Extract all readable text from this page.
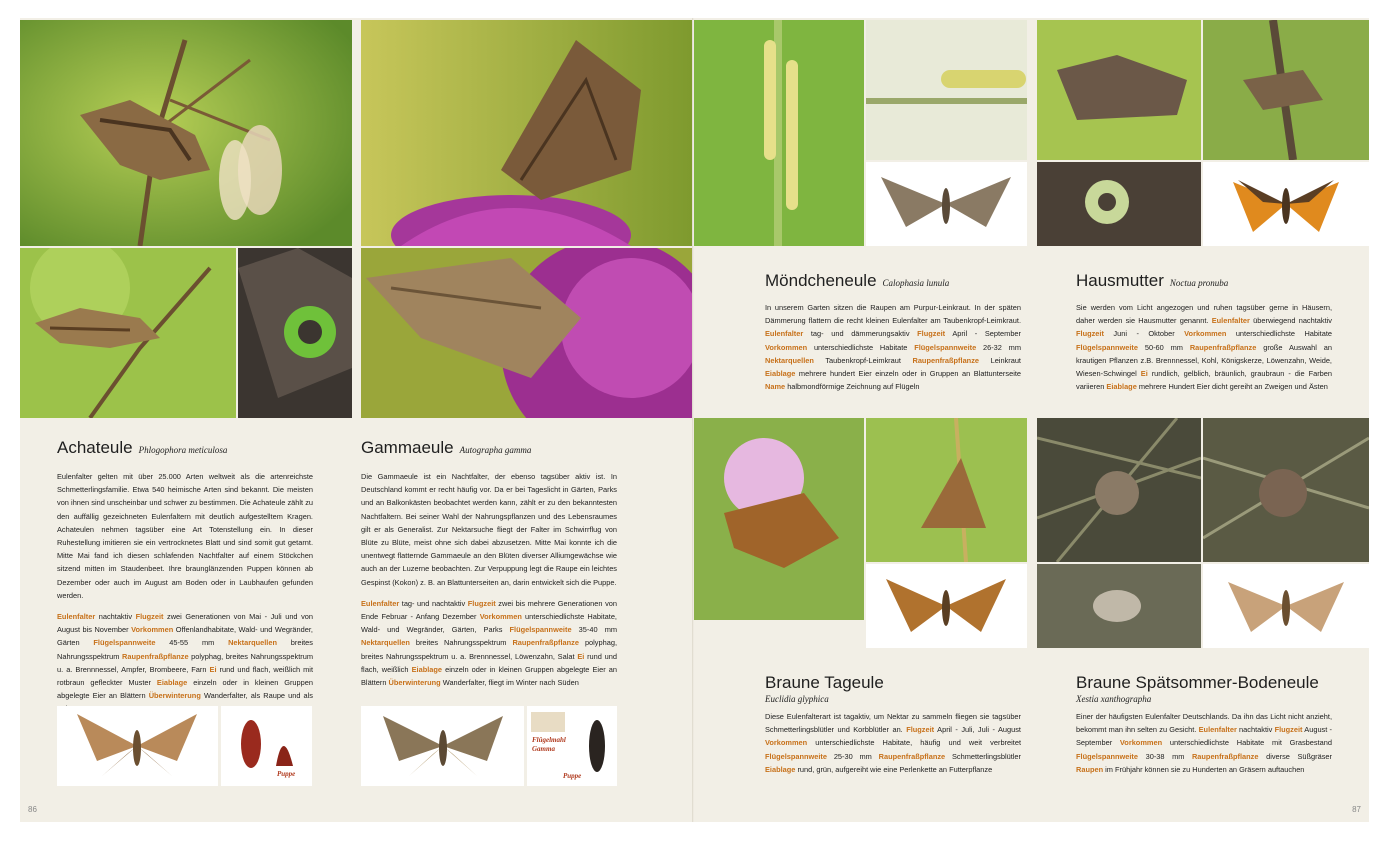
Achateule Phlogophora meticulosa

Eulenfalter gelten mit über 25.000 Arten weltweit als die artenreichste Schmetterlingsfamilie. Etwa 540 heimische Arten sind bekannt. Die meisten von ihnen sind unscheinbar und schwer zu bestimmen. Die Achateule zählt zu den auffällig gezeichneten Eulenfaltern mit deutlich aufgestelltem Kragen. Achateulen nehmen tagsüber eine Art Totenstellung ein. In dieser Ruhestellung imitieren sie ein vertrocknetes Blatt und sind somit gut getarnt. Mitte Mai fand ich diesen schlafenden Nachtfalter auf einem Stöckchen sitzend mitten im Staudenbeet. Ihre braunglänzenden Puppen können ab Dezember oder auch im August am Boden oder in Laubhaufen gefunden werden.

Eulenfalter nachtaktiv Flugzeit zwei Generationen von Mai - Juli und von August bis November Vorkommen Offenlandhabitate, Wald- und Wegränder, Gärten Flügelspannweite 45-55 mm Nektarquellen breites Nahrungsspektrum Raupenfraßpflanze polyphag, breites Nahrungsspektrum u. a. Brennnessel, Ampfer, Brombeere, Farn Ei rund und flach, weißlich mit rotbraun gefleckter Muster Eiablage einzeln oder in kleinen Gruppen abgelegte Eier an Blättern Überwinterung Wanderfalter, als Raupe und als

Puppe
Gammaeule Autographa gamma

Die Gammaeule ist ein Nachtfalter, der ebenso tagsüber aktiv ist. In Deutschland kommt er recht häufig vor. Da er bei Tageslicht in Gärten, Parks und an Balkonkästen beobachtet werden kann, zählt er zu den bekanntesten Nachtfaltern. Bei seiner Wahl der Nahrungspflanzen und des Lebensraumes gilt er als Generalist. Zur Nektarsuche fliegt der Falter im Schwirrflug von Blüte zu Blüte, meist ohne sich dabei abzusetzen. Mitte Mai konnte ich die unentwegt flatternde Gammaeule an den Blüten diverser Alliumgewächse wie auch an der Luzerne beobachten. Zur Verpuppung legt die Raupe ein leichtes Gespinst (Kokon) z. B. an Blattunterseiten an, darin entwickelt sich die Puppe.

Eulenfalter tag- und nachtaktiv Flugzeit zwei bis mehrere Generationen von Ende Februar - Anfang Dezember Vorkommen unterschiedlichste Habitate, Wald- und Wegränder, Gärten, Parks Flügelspannweite 35-40 mm Nektarquellen breites Nahrungsspektrum Raupenfraßpflanze polyphag, breites Nahrungsspektrum u. a. Brennnessel, Löwenzahn, Salat Ei rund und flach, weißlich Eiablage einzeln oder in kleinen Gruppen abgelegte Eier an Blättern Überwinterung Wanderfalter, fliegt im Winter nach Süden

Flügelmahl Gamma
Puppe
86
Möndcheneule Calophasia lunula

In unserem Garten sitzen die Raupen am Purpur-Leinkraut. In der späten Dämmerung flattern die recht kleinen Eulenfalter am Taubenkropf-Leimkraut. Eulenfalter tag- und dämmerungsaktiv Flugzeit April - September Vorkommen unterschiedlichste Habitate Flügelspannweite 26-32 mm Nektarquellen Taubenkropf-Leimkraut Raupenfraßpflanze Leinkraut Eiablage mehrere hundert Eier einzeln oder in Gruppen an Blattunterseite Name halbmondförmige Zeichnung auf Flügeln

Hausmutter Noctua pronuba

Sie werden vom Licht angezogen und ruhen tagsüber gerne in Häusern, daher werden sie Hausmutter genannt. Eulenfalter überwiegend nachtaktiv Flugzeit Juni - Oktober Vorkommen unterschiedlichste Habitate Flügelspannweite 50-60 mm Raupenfraßpflanze große Auswahl an krautigen Pflanzen z.B. Brennnessel, Kohl, Königskerze, Löwenzahn, Weide, Wiesen-Schwingel Ei rundlich, gelblich, bräunlich, graubraun - die Farben variieren Eiablage mehrere Hundert Eier dicht gereiht an Zweigen und Ästen

Braune Tageule
Euclidia glyphica

Diese Eulenfalterart ist tagaktiv, um Nektar zu sammeln fliegen sie tagsüber Schmetterlingsblütler und Korbblütler an. Flugzeit April - Juli, Juli - August Vorkommen unterschiedlichste Habitate, häufig und weit verbreitet Flügelspannweite 25-30 mm Raupenfraßpflanze Schmetterlingsblütler Eiablage rund, grün, aufgereiht wie eine Perlenkette an Futterpflanze

Braune Spätsommer-Bodeneule
Xestia xanthographa

Einer der häufigsten Eulenfalter Deutschlands. Da ihn das Licht nicht anzieht, bekommt man ihn selten zu Gesicht. Eulenfalter nachtaktiv Flugzeit August - September Vorkommen unterschiedlichste Habitate mit Grasbestand Flügelspannweite 30-38 mm Raupenfraßpflanze diverse Süßgräser Raupen im Frühjahr können sie zu Hunderten an Gräsern auftauchen

87
